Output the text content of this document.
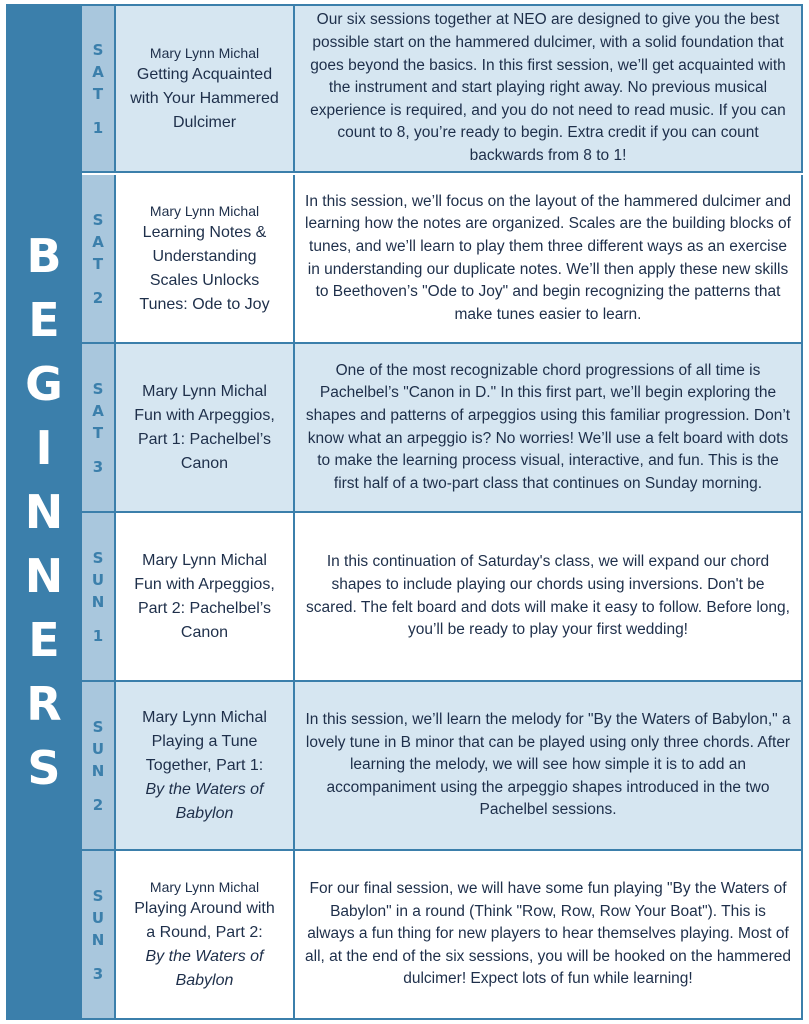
B
E
G
I
N
N
E
R
S
S
A
T
1
Mary Lynn Michal
Getting Acquainted
with Your Hammered
Dulcimer
Our six sessions together at NEO are designed to give you the best possible start on the hammered dulcimer, with a solid foundation that goes beyond the basics. In this first session, we’ll get acquainted with the instrument and start playing right away. No previous musical experience is required, and you do not need to read music. If you can count to 8, you’re ready to begin. Extra credit if you can count backwards from 8 to 1!
S
A
T
2
Mary Lynn Michal
Learning Notes &
Understanding
Scales Unlocks
Tunes: Ode to Joy
In this session, we’ll focus on the layout of the hammered dulcimer and learning how the notes are organized. Scales are the building blocks of tunes, and we’ll learn to play them three different ways as an exercise in understanding our duplicate notes. We’ll then apply these new skills to Beethoven’s "Ode to Joy" and begin recognizing the patterns that make tunes easier to learn.
S
A
T
3
Mary Lynn Michal
Fun with Arpeggios,
Part 1: Pachelbel’s
Canon
One of the most recognizable chord progressions of all time is Pachelbel’s "Canon in D." In this first part, we’ll begin exploring the shapes and patterns of arpeggios using this familiar progression. Don’t know what an arpeggio is? No worries! We’ll use a felt board with dots to make the learning process visual, interactive, and fun. This is the first half of a two-part class that continues on Sunday morning.
S
U
N
1
Mary Lynn Michal
Fun with Arpeggios,
Part 2: Pachelbel’s
Canon
In this continuation of Saturday's class, we will expand our chord shapes to include playing our chords using inversions. Don't be scared. The felt board and dots will make it easy to follow. Before long, you’ll be ready to play your first wedding!
S
U
N
2
Mary Lynn Michal
Playing a Tune
Together, Part 1:
By the Waters of
Babylon
In this session, we’ll learn the melody for "By the Waters of Babylon," a lovely tune in B minor that can be played using only three chords. After learning the melody, we will see how simple it is to add an accompaniment using the arpeggio shapes introduced in the two Pachelbel sessions.
S
U
N
3
Mary Lynn Michal
Playing Around with
a Round, Part 2:
By the Waters of
Babylon
For our final session, we will have some fun playing "By the Waters of Babylon" in a round (Think "Row, Row, Row Your Boat"). This is always a fun thing for new players to hear themselves playing. Most of all, at the end of the six sessions, you will be hooked on the hammered dulcimer! Expect lots of fun while learning!
